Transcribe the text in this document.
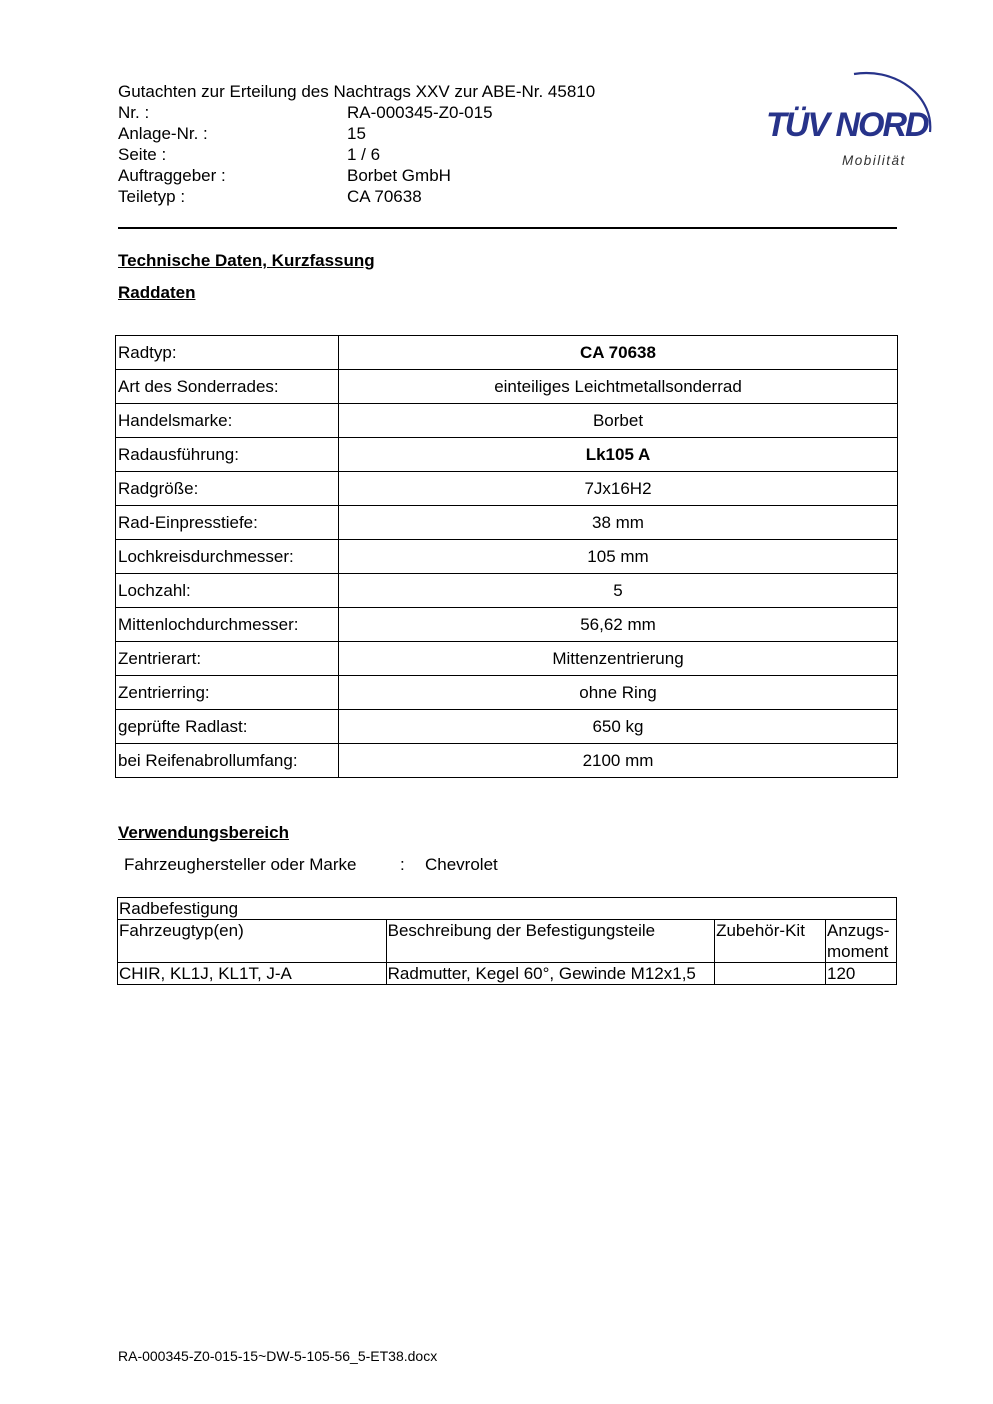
Gutachten zur Erteilung des Nachtrags XXV zur ABE-Nr. 45810
Nr. :	RA-000345-Z0-015
Anlage-Nr. :	15
Seite :	1 / 6
Auftraggeber :	Borbet GmbH
Teiletyp :	CA 70638
TÜV NORD
Mobilität
Technische Daten, Kurzfassung
Raddaten
Radtyp:	CA 70638
Art des Sonderrades:	einteiliges Leichtmetallsonderrad
Handelsmarke:	Borbet
Radausführung:	Lk105 A
Radgröße:	7Jx16H2
Rad-Einpresstiefe:	38 mm
Lochkreisdurchmesser:	105 mm
Lochzahl:	5
Mittenlochdurchmesser:	56,62 mm
Zentrierart:	Mittenzentrierung
Zentrierring:	ohne Ring
geprüfte Radlast:	650 kg
bei Reifenabrollumfang:	2100 mm
Verwendungsbereich
Fahrzeughersteller oder Marke	:	Chevrolet
Radbefestigung			
Fahrzeugtyp(en)	Beschreibung der Befestigungsteile	Zubehör-Kit	Anzugs-moment

CHIR, KL1J, KL1T, J-A	Radmutter, Kegel 60°, Gewinde M12x1,5		120
RA-000345-Z0-015-15~DW-5-105-56_5-ET38.docx
